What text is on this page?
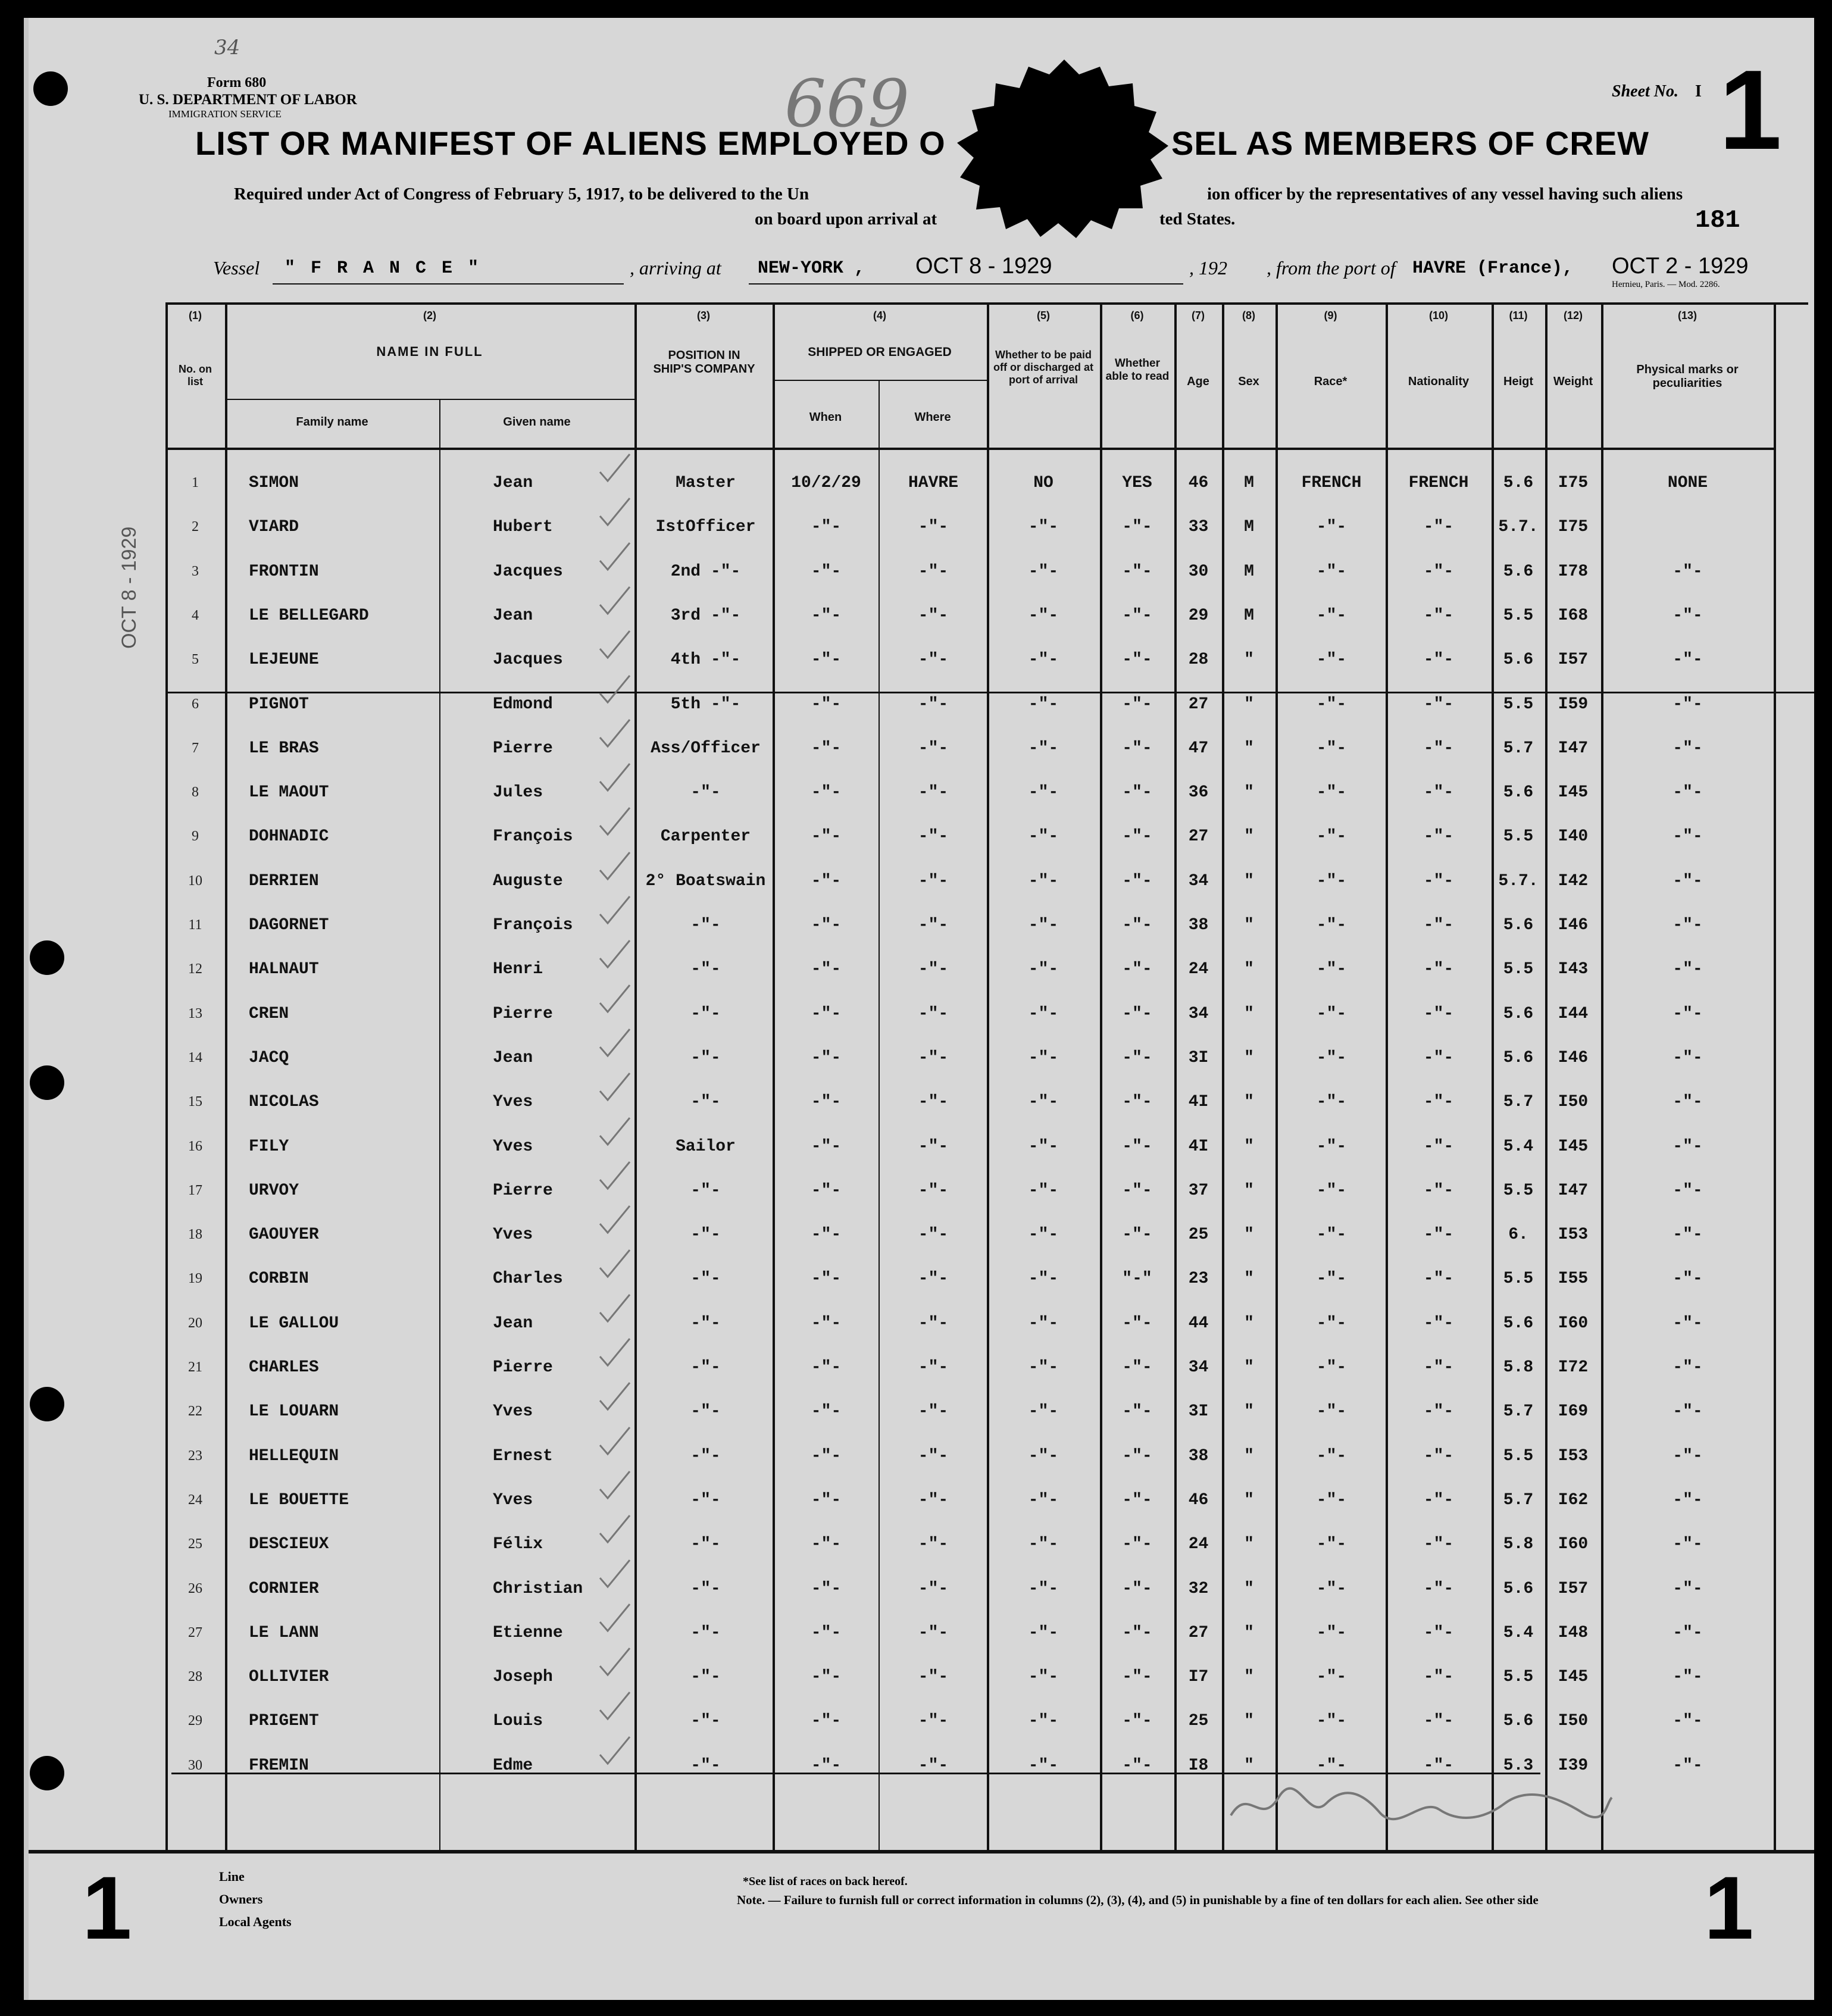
34
Form 680
U. S. DEPARTMENT OF LABOR
IMMIGRATION SERVICE	669	Sheet No. I 1
LIST OR MANIFEST OF ALIENS EMPLOYED O	SEL AS MEMBERS OF CREW
Required under Act of Congress of February 5, 1917, to be delivered to the Un	ion officer by the representatives of any vessel having such aliens
on board upon arrival at	ted States.	181
Vessel " F R A N C E "	, arriving at NEW-YORK , OCT 8 - 1929	, 192 , from the port of HAVRE (France), OCT 2 - 1929
Hernieu, Paris. — Mod. 2286.
(1)
No. on list
(2)
NAME IN FULL
Family name	Given name
(3)
POSITION IN SHIP'S COMPANY
(4)
SHIPPED OR ENGAGED
When	Where
(5)
Whether to be paid off or discharged at port of arrival
(6)
Whether able to read
(7)
Age
(8)
Sex
(9)
Race*
(10)
Nationality
(11)
Heigt
(12)
Weight
(13)
Physical marks or peculiarities
1	SIMON	Jean	Master	10/2/29	HAVRE	NO	YES	46	M	FRENCH	FRENCH	5.6	I75	NONE
2	VIARD	Hubert	IstOfficer	-"-	-"-	-"-	-"-	33	M	-"-	-"-	5.7.	I75
3	FRONTIN	Jacques	2nd -"-	-"-	-"-	-"-	-"-	30	M	-"-	-"-	5.6	I78	-"-
4	LE BELLEGARD	Jean	3rd -"-	-"-	-"-	-"-	-"-	29	M	-"-	-"-	5.5	I68	-"-
5	LEJEUNE	Jacques	4th -"-	-"-	-"-	-"-	-"-	28	"	-"-	-"-	5.6	I57	-"-
6	PIGNOT	Edmond	5th -"-	-"-	-"-	-"-	-"-	27	"	-"-	-"-	5.5	I59	-"-
7	LE BRAS	Pierre	Ass/Officer	-"-	-"-	-"-	-"-	47	"	-"-	-"-	5.7	I47	-"-
8	LE MAOUT	Jules	-"-	-"-	-"-	-"-	-"-	36	"	-"-	-"-	5.6	I45	-"-
9	DOHNADIC	François	Carpenter	-"-	-"-	-"-	-"-	27	"	-"-	-"-	5.5	I40	-"-
10	DERRIEN	Auguste	2° Boatswain	-"-	-"-	-"-	-"-	34	"	-"-	-"-	5.7.	I42	-"-
11	DAGORNET	François	-"-	-"-	-"-	-"-	-"-	38	"	-"-	-"-	5.6	I46	-"-
12	HALNAUT	Henri	-"-	-"-	-"-	-"-	-"-	24	"	-"-	-"-	5.5	I43	-"-
13	CREN	Pierre	-"-	-"-	-"-	-"-	-"-	34	"	-"-	-"-	5.6	I44	-"-
14	JACQ	Jean	-"-	-"-	-"-	-"-	-"-	3I	"	-"-	-"-	5.6	I46	-"-
15	NICOLAS	Yves	-"-	-"-	-"-	-"-	-"-	4I	"	-"-	-"-	5.7	I50	-"-
16	FILY	Yves	Sailor	-"-	-"-	-"-	-"-	4I	"	-"-	-"-	5.4	I45	-"-
17	URVOY	Pierre	-"-	-"-	-"-	-"-	-"-	37	"	-"-	-"-	5.5	I47	-"-
18	GAOUYER	Yves	-"-	-"-	-"-	-"-	-"-	25	"	-"-	-"-	6.	I53	-"-
19	CORBIN	Charles	-"-	-"-	-"-	-"-	"-"	23	"	-"-	-"-	5.5	I55	-"-
20	LE GALLOU	Jean	-"-	-"-	-"-	-"-	-"-	44	"	-"-	-"-	5.6	I60	-"-
21	CHARLES	Pierre	-"-	-"-	-"-	-"-	-"-	34	"	-"-	-"-	5.8	I72	-"-
22	LE LOUARN	Yves	-"-	-"-	-"-	-"-	-"-	3I	"	-"-	-"-	5.7	I69	-"-
23	HELLEQUIN	Ernest	-"-	-"-	-"-	-"-	-"-	38	"	-"-	-"-	5.5	I53	-"-
24	LE BOUETTE	Yves	-"-	-"-	-"-	-"-	-"-	46	"	-"-	-"-	5.7	I62	-"-
25	DESCIEUX	Félix	-"-	-"-	-"-	-"-	-"-	24	"	-"-	-"-	5.8	I60	-"-
26	CORNIER	Christian	-"-	-"-	-"-	-"-	-"-	32	"	-"-	-"-	5.6	I57	-"-
27	LE LANN	Etienne	-"-	-"-	-"-	-"-	-"-	27	"	-"-	-"-	5.4	I48	-"-
28	OLLIVIER	Joseph	-"-	-"-	-"-	-"-	-"-	I7	"	-"-	-"-	5.5	I45	-"-
29	PRIGENT	Louis	-"-	-"-	-"-	-"-	-"-	25	"	-"-	-"-	5.6	I50	-"-
30	FREMIN	Edme	-"-	-"-	-"-	-"-	-"-	I8	"	-"-	-"-	5.3	I39	-"-
OCT 8 - 1929
Line
Owners
Local Agents
*See list of races on back hereof.
Note. — Failure to furnish full or correct information in columns (2), (3), (4), and (5) in punishable by a fine of ten dollars for each alien. See other side
1	1
